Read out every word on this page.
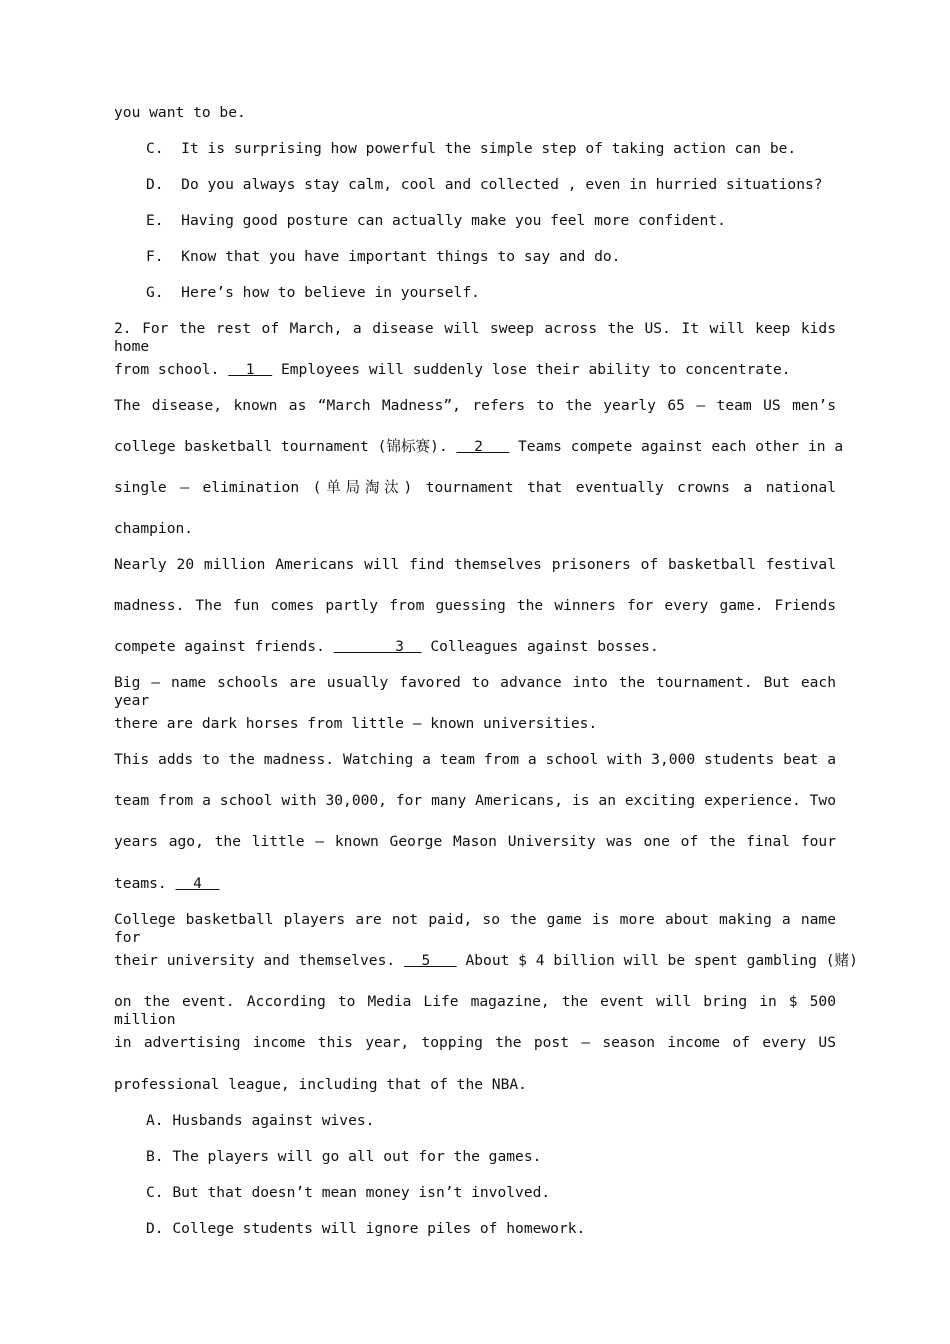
you want to be.
C. It is surprising how powerful the simple step of taking action can be.
D. Do you always stay calm, cool and collected , even in hurried situations?
E. Having good posture can actually make you feel more confident.
F. Know that you have important things to say and do.
G. Here’s how to believe in yourself.
2. For the rest of March, a disease will sweep across the US. It will keep kids home
from school.   1   Employees will suddenly lose their ability to concentrate.
The disease, known as “March Madness”, refers to the yearly 65 – team US men’s
college basketball tournament (锦标赛).   2    Teams compete against each other in a
single – elimination (单局淘汰) tournament that eventually crowns a national
champion.
Nearly 20 million Americans will find themselves prisoners of basketball festival
madness. The fun comes partly from guessing the winners for every game. Friends
compete against friends.        3   Colleagues against bosses.
Big – name schools are usually favored to advance into the tournament. But each year
there are dark horses from little – known universities.
This adds to the madness. Watching a team from a school with 3,000 students beat a
team from a school with 30,000, for many Americans, is an exciting experience. Two
years ago, the little – known George Mason University was one of the final four
teams.   4
College basketball players are not paid, so the game is more about making a name for
their university and themselves.   5    About $ 4 billion will be spent gambling (赌)
on the event. According to Media Life magazine, the event will bring in $ 500 million
in advertising income this year, topping the post – season income of every US
professional league, including that of the NBA.
A. Husbands against wives.
B. The players will go all out for the games.
C. But that doesn’t mean money isn’t involved.
D. College students will ignore piles of homework.
